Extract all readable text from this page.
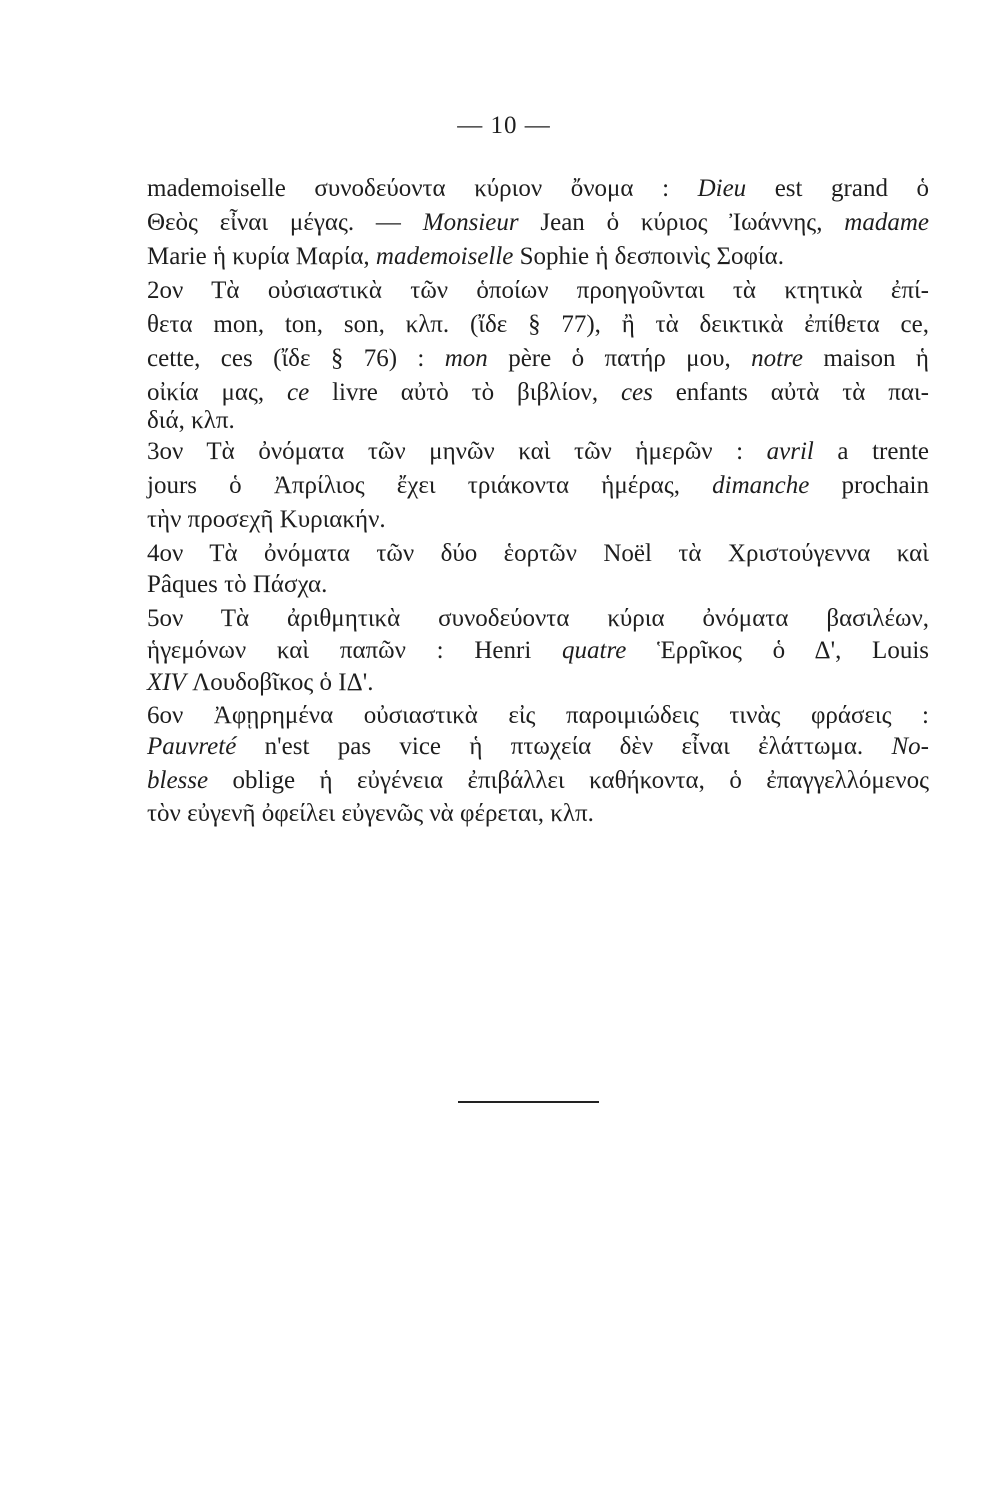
— 10 —
mademoiselle συνοδεύοντα κύριον ὄνομα : Dieu est grand ὁ
Θεὸς εἶναι μέγας. — Monsieur Jean ὁ κύριος Ἰωάννης, madame
Marie ἡ κυρία Μαρία, mademoiselle Sophie ἡ δεσποινὶς Σοφία.
2ον Τὰ οὐσιαστικὰ τῶν ὁποίων προηγοῦνται τὰ κτητικὰ ἐπί-
θετα mon, ton, son, κλπ. (ἴδε § 77), ἢ τὰ δεικτικὰ ἐπίθετα ce,
cette, ces (ἴδε § 76) : mon père ὁ πατήρ μου, notre maison ἡ
οἰκία μας, ce livre αὐτὸ τὸ βιβλίον, ces enfants αὐτὰ τὰ παι-
διά, κλπ.
3ον Τὰ ὀνόματα τῶν μηνῶν καὶ τῶν ἡμερῶν : avril a trente
jours ὁ Ἀπρίλιος ἔχει τριάκοντα ἡμέρας, dimanche prochain
τὴν προσεχῆ Κυριακήν.
4ον Τὰ ὀνόματα τῶν δύο ἑορτῶν Noël τὰ Χριστούγεννα καὶ
Pâques τὸ Πάσχα.
5ον Τὰ ἀριθμητικὰ συνοδεύοντα κύρια ὀνόματα βασιλέων,
ἡγεμόνων καὶ παπῶν : Henri quatre Ἑρρῖκος ὁ Δ', Louis
XIV Λουδοβῖκος ὁ ΙΔ'.
6ον Ἀφῃρημένα οὐσιαστικὰ εἰς παροιμιώδεις τινὰς φράσεις :
Pauvreté n'est pas vice ἡ πτωχεία δὲν εἶναι ἐλάττωμα. No-
blesse oblige ἡ εὐγένεια ἐπιβάλλει καθήκοντα, ὁ ἐπαγγελλόμενος
τὸν εὐγενῆ ὀφείλει εὐγενῶς νὰ φέρεται, κλπ.
